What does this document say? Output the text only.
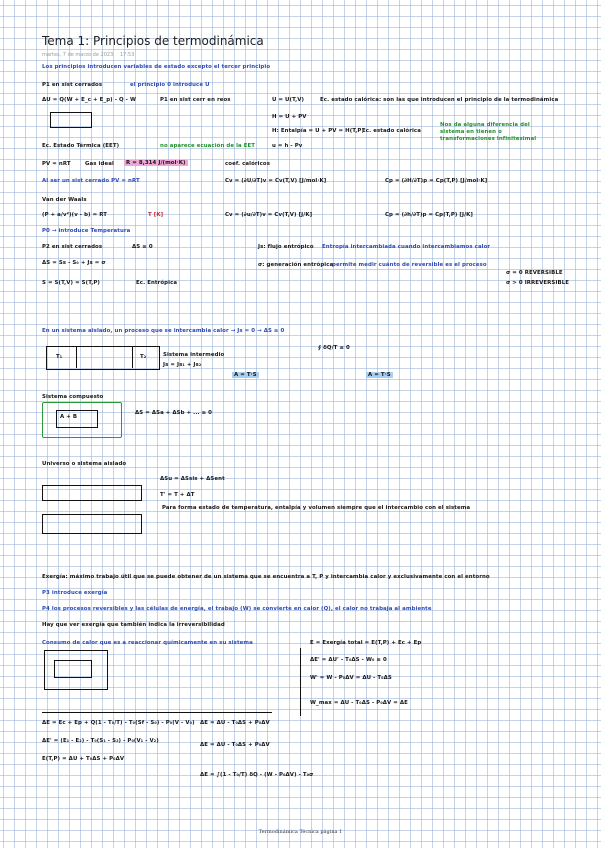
Tema 1: Principios de termodinámica
martes, 7 de marzo de 2023 17:53
Los principios introducen variables de estado excepto el tercer principio
P1 en sist cerrados	el principio 0 introduce U
ΔU = Q(W + E_c + E_p) - Q - W	P1 en sist cerr en reos	U = U(T,V)	Ec. estado calórica: son las que introducen el principio de la termodinámica
H = U + PV
H: Entalpía = U + PV = H(T,P)
Ec. estado calórica
Nos da alguna diferencia del sistema en tienen o transformaciones infinitesimal
u = h - Pv
Ec. Estado Térmica (EET)	no aparece ecuación de la EET
PV = nRT	Gas ideal	R = 8,314 J/(mol·K)	coef. calóricos
Al ser un sist cerrado PV = nRT	Cv = (∂U/∂T)v = Cv(T,V) [J/mol·K]	Cp = (∂H/∂T)p = Cp(T,P) [J/mol·K]
Van der Waals
(P + a/v²)(v - b) = RT	T [K]	Cv = (∂u/∂T)v = Cv(T,V) [J/K]	Cp = (∂h/∂T)p = Cp(T,P) [J/K]
P0 → introduce Temperatura
P2 en sist cerrados	ΔS ≥ 0	Js: flujo entrópico Entropía intercambiada cuando intercambiamos calor
ΔS = Ss - S₀ + Js = σ	σ: generación entrópica
permite medir cuánto de reversible es el proceso
σ = 0 REVERSIBLE
σ > 0 IRREVERSIBLE
S = S(T,V) = S(T,P)	Ec. Entrópica
En un sistema aislado, un proceso que se intercambia calor → Js = 0 → ΔS ≥ 0
T₁	T₂	Sistema intermedio
Js = Js₁ + Js₂
∮ δQ/T ≤ 0
A = T·S	A = T·S
Sistema compuesto
A + B
ΔS = ΔSa + ΔSb + ... ≥ 0
Universo o sistema aislado
ΔSu = ΔSsis + ΔSent
T' = T + ΔT
Para forma estado de temperatura, entalpía y volumen siempre que el intercambio con el sistema
Exergía: máximo trabajo útil que se puede obtener de un sistema que se encuentra a T, P y intercambia calor y exclusivamente con el entorno
P3 introduce exergía
P4 los procesos reversibles y las células de energía, el trabajo (W) se convierte en calor (Q), el calor no trabaja al ambiente
Hay que ver exergía que también indica la irreversibilidad
Consumo de calor que es a reaccionar químicamente en su sistema	E = Exergía total = E(T,P) + Ec + Ep
ΔE' = ΔU' - T₀ΔS - W₀ ≥ 0
W' = W - P₀ΔV = ΔU - T₀ΔS
W_max = ΔU - T₀ΔS - P₀ΔV = ΔE
ΔE = Ec + Ep + Q(1 - T₀/T) - T₀(Sf - S₀) - P₀(V - V₀)
ΔE' = (E₁ - E₂) - T₀(S₁ - S₂) - P₀(V₁ - V₂)
E(T,P) = ΔU + T₀ΔS + P₀ΔV
ΔE = ΔU - T₀ΔS + P₀ΔV
ΔE = ∫(1 - T₀/T) δQ - (W - P₀ΔV) - T₀σ
ΔE = ΔU - T₀ΔS + P₀ΔV
Termodinámica Técnica página 1
